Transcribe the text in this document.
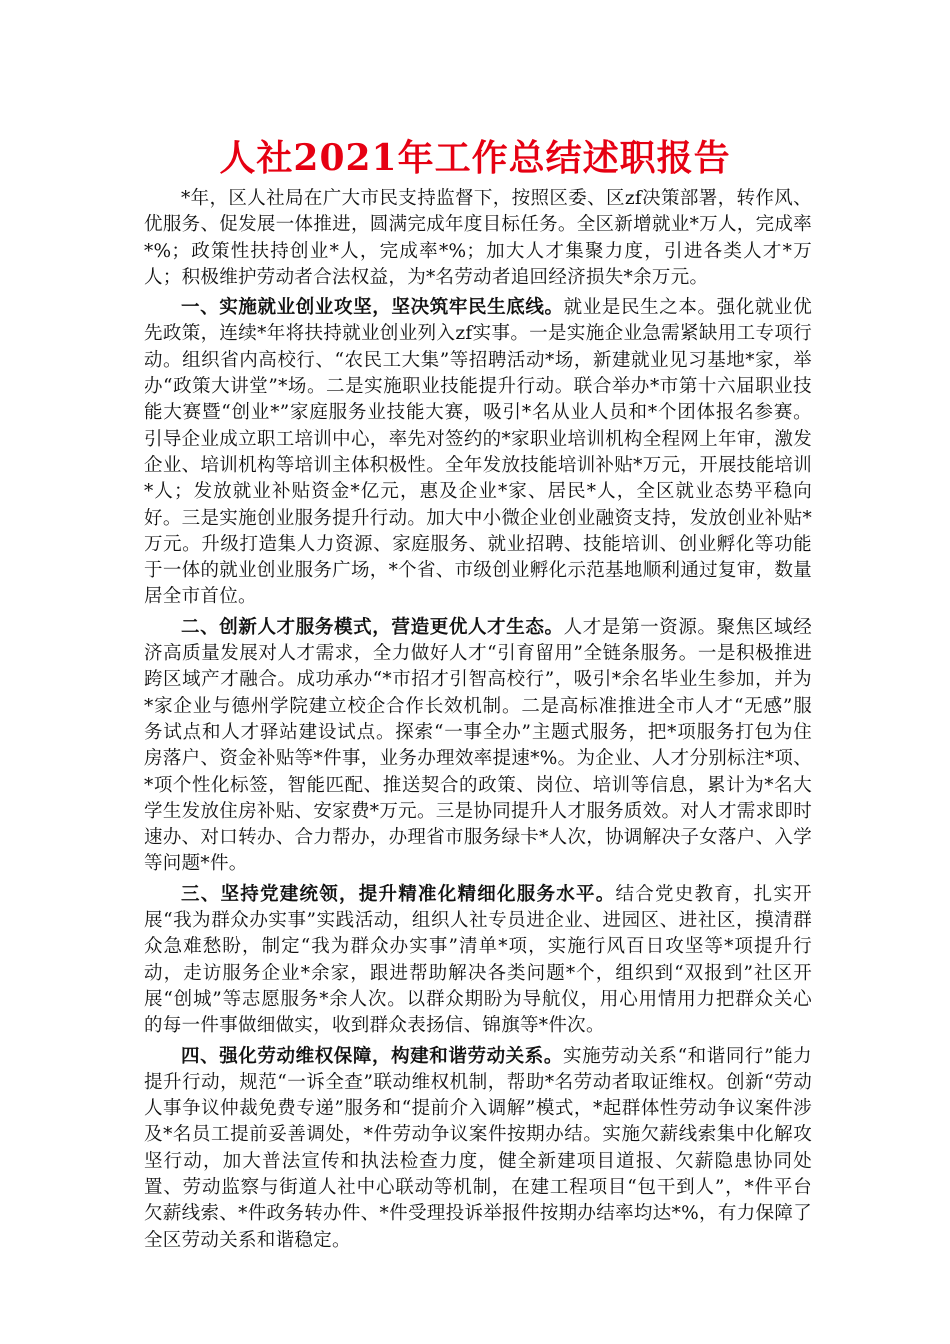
人社2021年工作总结述职报告

*年，区人社局在广大市民支持监督下，按照区委、区zf决策部署，转作风、优服务、促发展一体推进，圆满完成年度目标任务。全区新增就业*万人，完成率*%；政策性扶持创业*人，完成率*%；加大人才集聚力度，引进各类人才*万人；积极维护劳动者合法权益，为*名劳动者追回经济损失*余万元。

一、实施就业创业攻坚，坚决筑牢民生底线。就业是民生之本。强化就业优先政策，连续*年将扶持就业创业列入zf实事。一是实施企业急需紧缺用工专项行动。组织省内高校行、“农民工大集”等招聘活动*场，新建就业见习基地*家，举办“政策大讲堂”*场。二是实施职业技能提升行动。联合举办*市第十六届职业技能大赛暨“创业*”家庭服务业技能大赛，吸引*名从业人员和*个团体报名参赛。引导企业成立职工培训中心，率先对签约的*家职业培训机构全程网上年审，激发企业、培训机构等培训主体积极性。全年发放技能培训补贴*万元，开展技能培训*人；发放就业补贴资金*亿元，惠及企业*家、居民*人，全区就业态势平稳向好。三是实施创业服务提升行动。加大中小微企业创业融资支持，发放创业补贴*万元。升级打造集人力资源、家庭服务、就业招聘、技能培训、创业孵化等功能于一体的就业创业服务广场，*个省、市级创业孵化示范基地顺利通过复审，数量居全市首位。

二、创新人才服务模式，营造更优人才生态。人才是第一资源。聚焦区域经济高质量发展对人才需求，全力做好人才“引育留用”全链条服务。一是积极推进跨区域产才融合。成功承办“*市招才引智高校行”，吸引*余名毕业生参加，并为*家企业与德州学院建立校企合作长效机制。二是高标准推进全市人才“无感”服务试点和人才驿站建设试点。探索“一事全办”主题式服务，把*项服务打包为住房落户、资金补贴等*件事，业务办理效率提速*%。为企业、人才分别标注*项、*项个性化标签，智能匹配、推送契合的政策、岗位、培训等信息，累计为*名大学生发放住房补贴、安家费*万元。三是协同提升人才服务质效。对人才需求即时速办、对口转办、合力帮办，办理省市服务绿卡*人次，协调解决子女落户、入学等问题*件。

三、坚持党建统领，提升精准化精细化服务水平。结合党史教育，扎实开展“我为群众办实事”实践活动，组织人社专员进企业、进园区、进社区，摸清群众急难愁盼，制定“我为群众办实事”清单*项，实施行风百日攻坚等*项提升行动，走访服务企业*余家，跟进帮助解决各类问题*个，组织到“双报到”社区开展“创城”等志愿服务*余人次。以群众期盼为导航仪，用心用情用力把群众关心的每一件事做细做实，收到群众表扬信、锦旗等*件次。

四、强化劳动维权保障，构建和谐劳动关系。实施劳动关系“和谐同行”能力提升行动，规范“一诉全查”联动维权机制，帮助*名劳动者取证维权。创新“劳动人事争议仲裁免费专递”服务和“提前介入调解”模式，*起群体性劳动争议案件涉及*名员工提前妥善调处，*件劳动争议案件按期办结。实施欠薪线索集中化解攻坚行动，加大普法宣传和执法检查力度，健全新建项目道报、欠薪隐患协同处置、劳动监察与街道人社中心联动等机制，在建工程项目“包干到人”，*件平台欠薪线索、*件政务转办件、*件受理投诉举报件按期办结率均达*%，有力保障了全区劳动关系和谐稳定。
